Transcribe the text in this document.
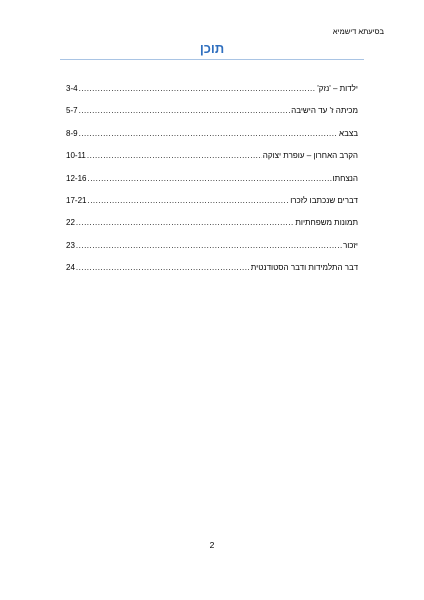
בסיעתא דישמיא
תוכן
ילדות – 'נזק'
.....
3-4
מכיתה ז' עד הישיבה
.....
5-7
בצבא
.....
8-9
הקרב האחרון – עופרת יצוקה
.....
10-11
הנצחתו
.....
12-16
דברים שנכתבו לזכרו
.....
17-21
תמונות משפחתיות
.....
22
יזכור
.....
23
דבר התלמידות ודבר הסטודנטית
.....
24
2
